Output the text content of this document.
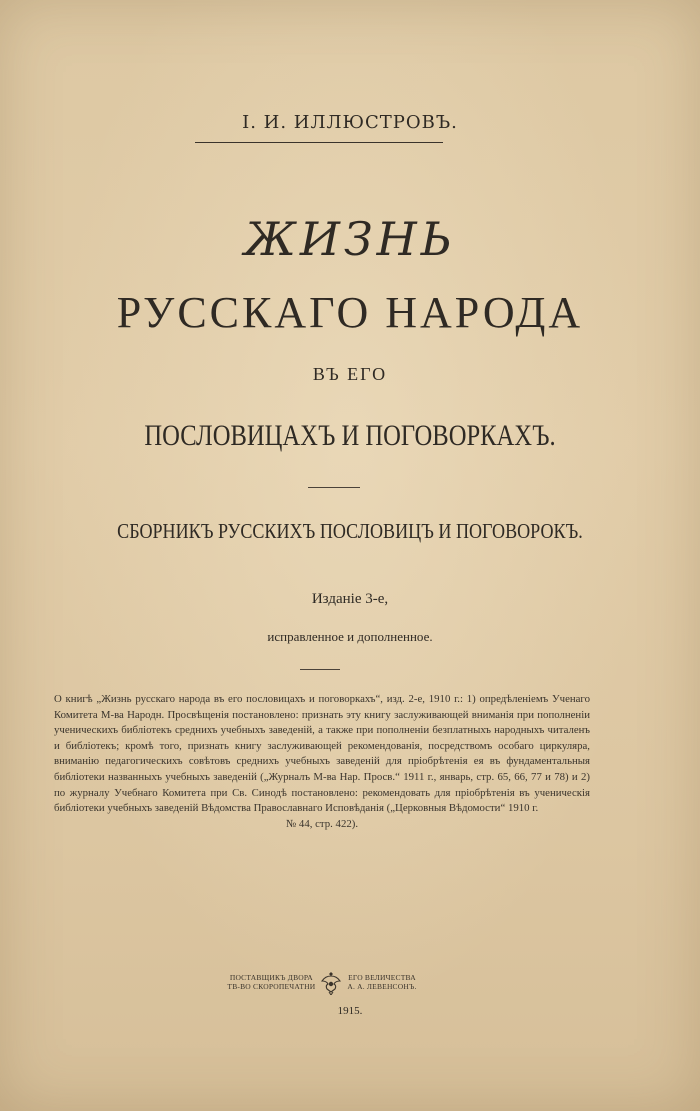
І. И. ИЛЛЮСТРОВЪ.
ЖИЗНЬ
РУССКАГО НАРОДА
ВЪ ЕГО
ПОСЛОВИЦАХЪ И ПОГОВОРКАХЪ.
СБОРНИКЪ РУССКИХЪ ПОСЛОВИЦЪ И ПОГОВОРОКЪ.
Изданіе 3-е,
исправленное и дополненное.

О книгѣ „Жизнь русскаго народа въ его пословицахъ и поговоркахъ“, изд. 2-е, 1910 г.: 1) опредѣленіемъ Ученаго Комитета М-ва Народн. Просвѣщенія постановлено: признать эту книгу заслуживающей вниманія при пополненіи ученическихъ библіотекъ среднихъ учебныхъ заведеній, а также при пополненіи безплатныхъ народныхъ читаленъ и библіотекъ; кромѣ того, признать книгу заслуживающей рекомендованія, посредствомъ особаго циркуляра, вниманію педагогическихъ совѣтовъ среднихъ учебныхъ заведеній для пріобрѣтенія ея въ фундаментальныя библіотеки названныхъ учебныхъ заведеній („Журналъ М-ва Нар. Просв.“ 1911 г., январь, стр. 65, 66, 77 и 78) и 2) по журналу Учебнаго Комитета при Св. Синодѣ постановлено: рекомендовать для пріобрѣтенія въ ученическія библіотеки учебныхъ заведеній Вѣдомства Православнаго Исповѣданія („Церковныя Вѣдомости“ 1910 г.

№ 44, стр. 422).

ПОСТАВЩИКЪ ДВОРА
ТВ-ВО СКОРОПЕЧАТНИ
ЕГО ВЕЛИЧЕСТВА
А. А. ЛЕВЕНСОНЪ.
1915.
